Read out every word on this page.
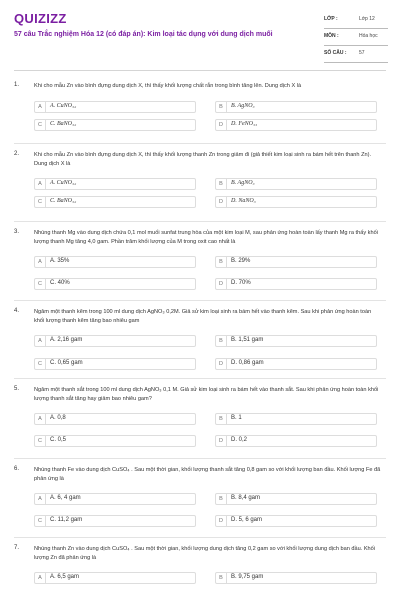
QUIZIZZ
57 câu Trắc nghiệm Hóa 12 (có đáp án): Kim loại tác dụng với dung dịch muối
LỚP :	Lớp 12
MÔN :	Hóa học
SỐ CÂU :	57
1.	Khi cho mẫu Zn vào bình đựng dung dịch X, thì thấy khối lượng chất rắn trong bình tăng lên. Dung dịch X là
A	A. CuNO₃₂	B	B. AgNO₃
C	C. BaNO₃₂	D	D. FeNO₃₃
2.	Khi cho mẫu Zn vào bình đựng dung dịch X, thì thấy khối lượng thanh Zn trong giảm đi (giả thiết kim loại sinh ra bám hết trên thanh Zn). Dung dịch X là
A	A. CuNO₃₂	B	B. AgNO₃
C	C. BaNO₃₂	D	D. NaNO₃
3.	Nhúng thanh Mg vào dung dịch chứa 0,1 mol muối sunfat trung hòa của một kim loại M, sau phản ứng hoàn toàn lấy thanh Mg ra thấy khối lượng thanh Mg tăng 4,0 gam. Phần trăm khối lượng của M trong oxit cao nhất là
A	A. 35%	B	B. 29%
C	C. 40%	D	D. 70%
4.	Ngâm một thanh kẽm trong 100 ml dung dịch AgNO₃ 0,2M. Giả sử kim loại sinh ra bám hết vào thanh kẽm. Sau khi phản ứng hoàn toàn khối lượng thanh kẽm tăng bao nhiêu gam
A	A. 2,16 gam	B	B. 1,51 gam
C	C. 0,65 gam	D	D. 0,86 gam
5.	Ngâm một thanh sắt trong 100 ml dung dịch AgNO₃ 0,1 M. Giả sử kim loại sinh ra bám hết vào thanh sắt. Sau khi phản ứng hoàn toàn khối lượng thanh sắt tăng hay giảm bao nhiêu gam?
A	A. 0,8	B	B. 1
C	C. 0,5	D	D. 0,2
6.	Nhúng thanh Fe vào dung dịch CuSO₄ . Sau một thời gian, khối lượng thanh sắt tăng 0,8 gam so với khối lượng ban đầu. Khối lượng Fe đã phản ứng là
A	A. 6, 4 gam	B	B. 8,4 gam
C	C. 11,2 gam	D	D. 5, 6 gam
7.	Nhúng thanh Zn vào dung dịch CuSO₄ . Sau một thời gian, khối lượng dung dịch tăng 0,2 gam so với khối lượng dung dịch ban đầu. Khối lượng Zn đã phản ứng là
A	A. 6,5 gam	B	B. 9,75 gam
